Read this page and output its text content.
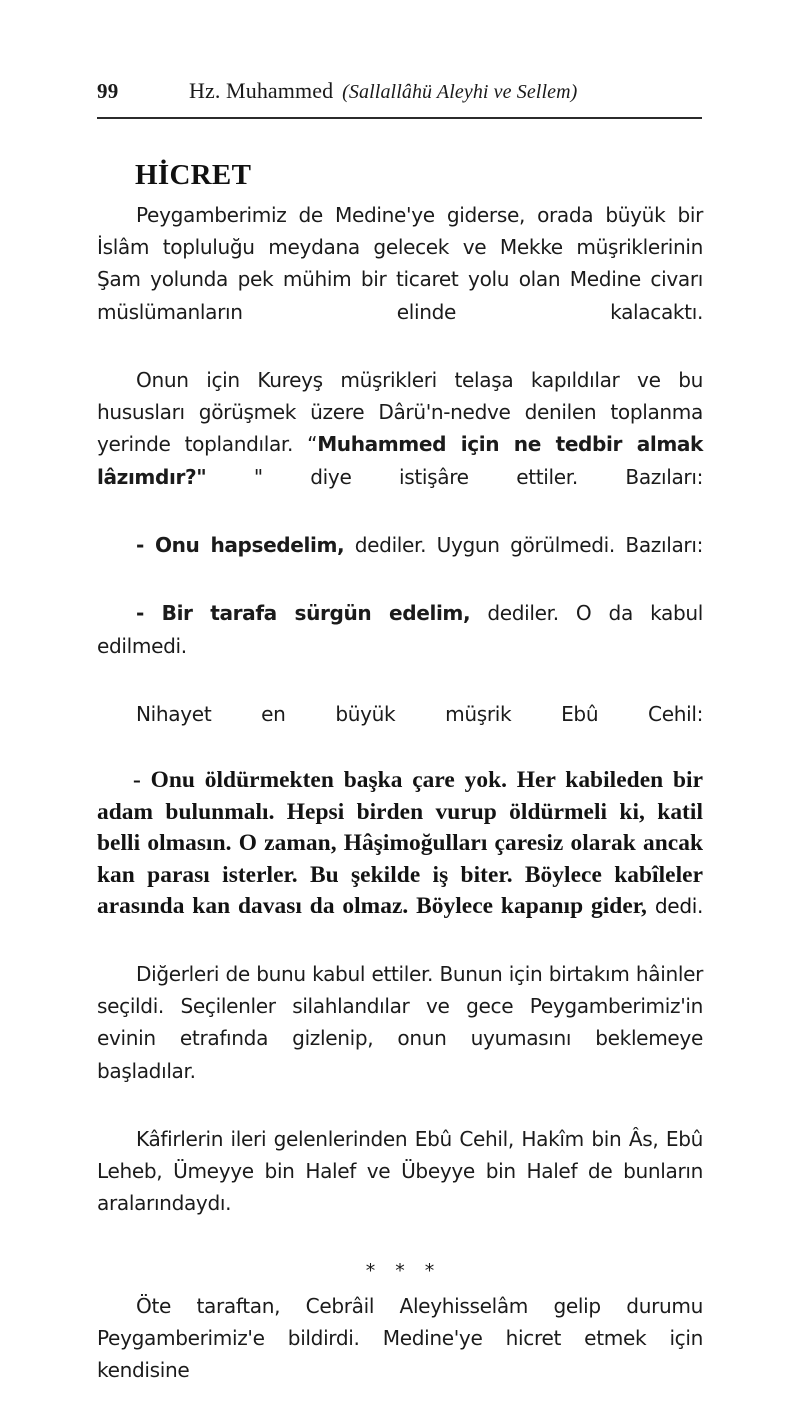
99	Hz. Muhammed (Sallallâhü Aleyhi ve Sellem)
HİCRET

Peygamberimiz de Medine'ye giderse, orada büyük bir İslâm topluluğu meydana gelecek ve Mekke müşriklerinin Şam yolunda pek mühim bir ticaret yolu olan Medine civarı müslümanların elinde kalacaktı.

Onun için Kureyş müşrikleri telaşa kapıldılar ve bu hususları görüşmek üzere Dârü'n-nedve denilen toplanma yerinde toplandılar. “Muhammed için ne tedbir almak lâzımdır?" " diye istişâre ettiler. Bazıları:

- Onu hapsedelim, dediler. Uygun görülmedi. Bazıları:

- Bir tarafa sürgün edelim, dediler. O da kabul edilmedi.

Nihayet en büyük müşrik Ebû Cehil:

- Onu öldürmekten başka çare yok. Her kabileden bir adam bulunmalı. Hepsi birden vurup öldürmeli ki, katil belli olmasın. O zaman, Hâşimoğulları çaresiz olarak ancak kan parası isterler. Bu şekilde iş biter. Böylece kabîleler arasında kan davası da olmaz. Böylece kapanıp gider, dedi.

Diğerleri de bunu kabul ettiler. Bunun için birtakım hâinler seçildi. Seçilenler silahlandılar ve gece Peygamberimiz'in evinin etrafında gizlenip, onun uyumasını beklemeye başladılar.

Kâfirlerin ileri gelenlerinden Ebû Cehil, Hakîm bin Âs, Ebû Leheb, Ümeyye bin Halef ve Übeyye bin Halef de bunların aralarındaydı.

* * *

Öte taraftan, Cebrâil Aleyhisselâm gelip durumu Peygamberimiz'e bildirdi. Medine'ye hicret etmek için kendisine
